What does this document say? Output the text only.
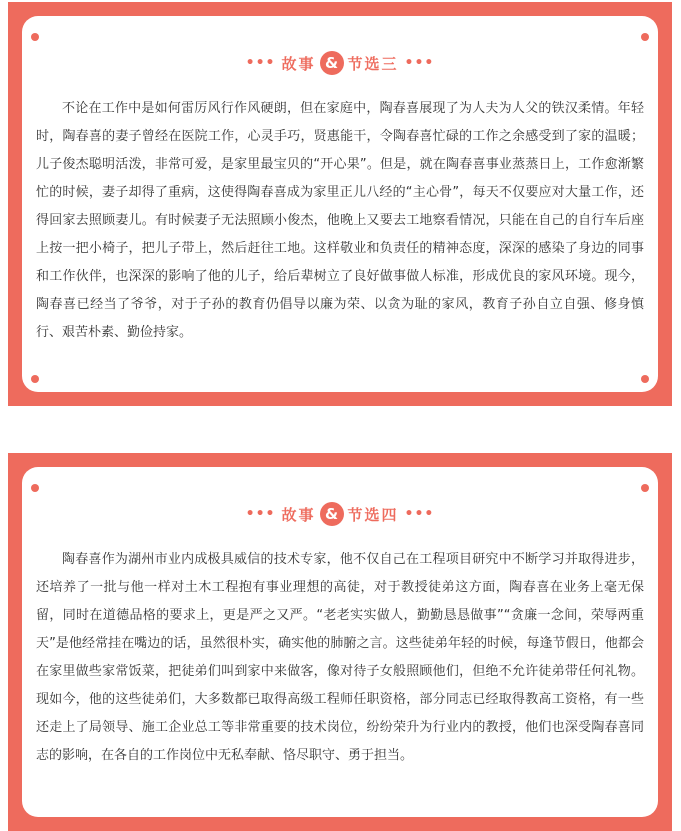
••• 故事 & 节选三 •••

不论在工作中是如何雷厉风行作风硬朗，但在家庭中，陶春喜展现了为人夫为人父的铁汉柔情。年轻时，陶春喜的妻子曾经在医院工作，心灵手巧，贤惠能干，令陶春喜忙碌的工作之余感受到了家的温暖；儿子俊杰聪明活泼，非常可爱，是家里最宝贝的“开心果”。但是，就在陶春喜事业蒸蒸日上，工作愈渐繁忙的时候，妻子却得了重病，这使得陶春喜成为家里正儿八经的“主心骨”，每天不仅要应对大量工作，还得回家去照顾妻儿。有时候妻子无法照顾小俊杰，他晚上又要去工地察看情况，只能在自己的自行车后座上按一把小椅子，把儿子带上，然后赶往工地。这样敬业和负责任的精神态度，深深的感染了身边的同事和工作伙伴，也深深的影响了他的儿子，给后辈树立了良好做事做人标准，形成优良的家风环境。现今，陶春喜已经当了爷爷，对于子孙的教育仍倡导以廉为荣、以贪为耻的家风，教育子孙自立自强、修身慎行、艰苦朴素、勤俭持家。

••• 故事 & 节选四 •••

陶春喜作为湖州市业内成极具威信的技术专家，他不仅自己在工程项目研究中不断学习并取得进步，还培养了一批与他一样对土木工程抱有事业理想的高徒，对于教授徒弟这方面，陶春喜在业务上毫无保留，同时在道德品格的要求上，更是严之又严。“老老实实做人，勤勤恳恳做事”“贪廉一念间，荣辱两重天”是他经常挂在嘴边的话，虽然很朴实，确实他的肺腑之言。这些徒弟年轻的时候，每逢节假日，他都会在家里做些家常饭菜，把徒弟们叫到家中来做客，像对待子女般照顾他们，但绝不允许徒弟带任何礼物。现如今，他的这些徒弟们，大多数都已取得高级工程师任职资格，部分同志已经取得教高工资格，有一些还走上了局领导、施工企业总工等非常重要的技术岗位，纷纷荣升为行业内的教授，他们也深受陶春喜同志的影响，在各自的工作岗位中无私奉献、恪尽职守、勇于担当。
